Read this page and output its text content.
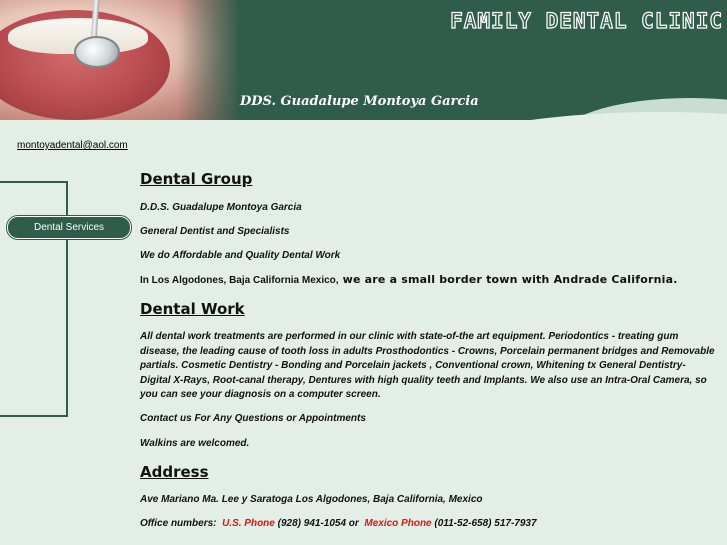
FAMILY DENTAL CLINIC
DDS. Guadalupe Montoya Garcia
montoyadental@aol.com
Dental Services
Dental Group

D.D.S. Guadalupe Montoya Garcia

General Dentist and Specialists

We do Affordable and Quality Dental Work

In Los Algodones, Baja California Mexico, we are a small border town with Andrade California.

Dental Work

All dental work treatments are performed in our clinic with state-of-the art equipment. Periodontics - treating gum disease, the leading cause of tooth loss in adults Prosthodontics - Crowns, Porcelain permanent bridges and Removable partials. Cosmetic Dentistry - Bonding and Porcelain jackets , Conventional crown, Whitening tx General Dentistry- Digital X-Rays, Root-canal therapy, Dentures with high quality teeth and Implants. We also use an Intra-Oral Camera, so you can see your diagnosis on a computer screen.

Contact us For Any Questions or Appointments

Walkins are welcomed.

Address

Ave Mariano Ma. Lee y Saratoga Los Algodones, Baja California, Mexico

Office numbers: U.S. Phone (928) 941-1054 or Mexico Phone (011-52-658) 517-7937
